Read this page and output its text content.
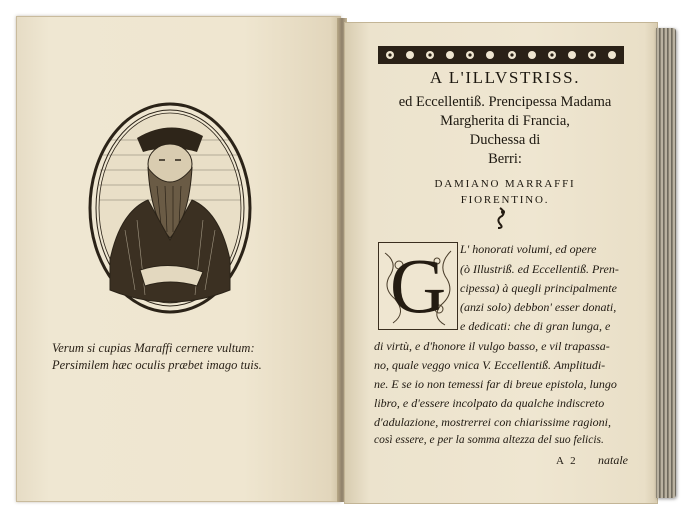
Verum si cupias Maraffi cernere vultum:
Persimilem hæc oculis præbet imago tuis.
A L'ILLVSTRISS.
ed Eccellentiß. Prencipessa Madama
Margherita di Francia,
Duchessa di
Berri:
DAMIANO MARRAFFI
FIORENTINO.
G	L' honorati volumi, ed opere
(ò Illustriß. ed Eccellentiß. Pren-
cipessa) à quegli principalmente
(anzi solo) debbon' esser donati,
e dedicati: che di gran lunga, e
di virtù, e d'honore il vulgo basso, e vil trapassa-
no, quale veggo vnica V. Eccellentiß. Amplitudi-
ne. E se io non temessi far di breue epistola, lungo
libro, e d'essere incolpato da qualche indiscreto
d'adulazione, mostrerrei con chiarissime ragioni,
così essere, e per la somma altezza del suo felicis.
A 2 natale
